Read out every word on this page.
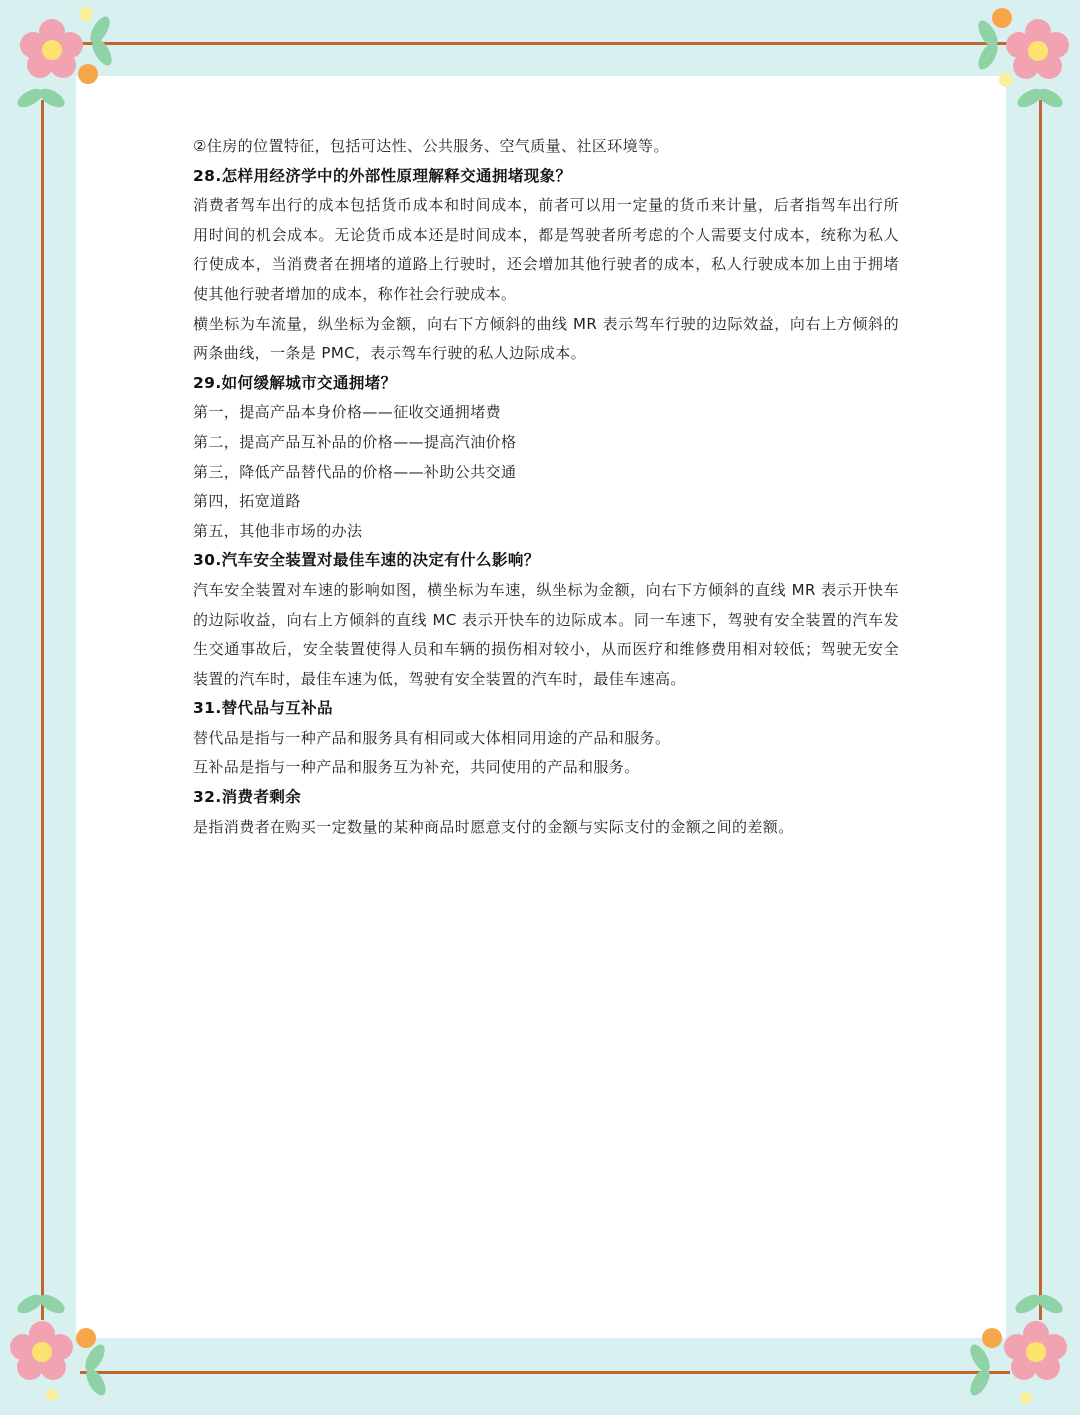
②住房的位置特征，包括可达性、公共服务、空气质量、社区环境等。

28.怎样用经济学中的外部性原理解释交通拥堵现象？

消费者驾车出行的成本包括货币成本和时间成本，前者可以用一定量的货币来计量，后者指驾车出行所用时间的机会成本。无论货币成本还是时间成本，都是驾驶者所考虑的个人需要支付成本，统称为私人行使成本，当消费者在拥堵的道路上行驶时，还会增加其他行驶者的成本，私人行驶成本加上由于拥堵使其他行驶者增加的成本，称作社会行驶成本。

横坐标为车流量，纵坐标为金额，向右下方倾斜的曲线 MR 表示驾车行驶的边际效益，向右上方倾斜的两条曲线，一条是 PMC，表示驾车行驶的私人边际成本。

29.如何缓解城市交通拥堵？

第一，提高产品本身价格——征收交通拥堵费

第二，提高产品互补品的价格——提高汽油价格

第三，降低产品替代品的价格——补助公共交通

第四，拓宽道路

第五，其他非市场的办法

30.汽车安全装置对最佳车速的决定有什么影响？

汽车安全装置对车速的影响如图，横坐标为车速，纵坐标为金额，向右下方倾斜的直线 MR 表示开快车的边际收益，向右上方倾斜的直线 MC 表示开快车的边际成本。同一车速下，驾驶有安全装置的汽车发生交通事故后，安全装置使得人员和车辆的损伤相对较小，从而医疗和维修费用相对较低；驾驶无安全装置的汽车时，最佳车速为低，驾驶有安全装置的汽车时，最佳车速高。

31.替代品与互补品

替代品是指与一种产品和服务具有相同或大体相同用途的产品和服务。

互补品是指与一种产品和服务互为补充，共同使用的产品和服务。

32.消费者剩余

是指消费者在购买一定数量的某种商品时愿意支付的金额与实际支付的金额之间的差额。
